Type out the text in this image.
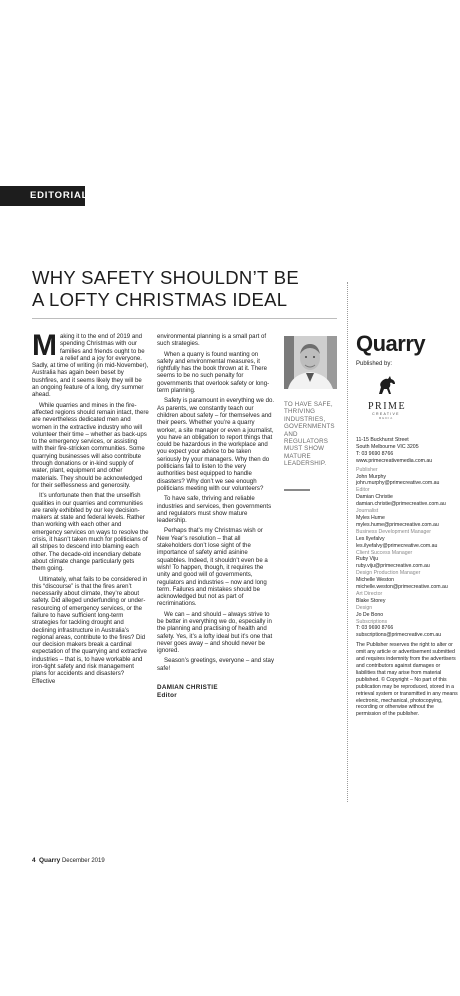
EDITORIAL
WHY SAFETY SHOULDN’T BE
A LOFTY CHRISTMAS IDEAL

Making it to the end of 2019 and spending Christmas with our families and friends ought to be a relief and a joy for everyone. Sadly, at time of writing (in mid-November), Australia has again been beset by bushfires, and it seems likely they will be an ongoing feature of a long, dry summer ahead.

While quarries and mines in the fire-affected regions should remain intact, there are nevertheless dedicated men and women in the extractive industry who will volunteer their time – whether as back-ups to the emergency services, or assisting with their fire-stricken communities. Some quarrying businesses will also contribute through donations or in-kind supply of water, plant, equipment and other materials. They should be acknowledged for their selflessness and generosity.

It’s unfortunate then that the unselfish qualities in our quarries and communities are rarely exhibited by our key decision-makers at state and federal levels. Rather than working with each other and emergency services on ways to resolve the crisis, it hasn’t taken much for politicians of all stripes to descend into blaming each other. The decade-old incendiary debate about climate change particularly gets them going.

Ultimately, what fails to be considered in this “discourse” is that the fires aren’t necessarily about climate, they’re about safety. Did alleged underfunding or under-resourcing of emergency services, or the failure to have sufficient long-term strategies for tackling drought and declining infrastructure in Australia’s regional areas, contribute to the fires? Did our decision makers break a cardinal expectation of the quarrying and extractive industries – that is, to have workable and iron-tight safety and risk management plans for accidents and disasters? Effective

environmental planning is a small part of such strategies.

When a quarry is found wanting on safety and environmental measures, it rightfully has the book thrown at it. There seems to be no such penalty for governments that overlook safety or long-term planning.

Safety is paramount in everything we do. As parents, we constantly teach our children about safety – for themselves and their peers. Whether you’re a quarry worker, a site manager or even a journalist, you have an obligation to report things that could be hazardous in the workplace and you expect your advice to be taken seriously by your managers. Why then do politicians fail to listen to the very authorities best equipped to handle disasters? Why don’t we see enough politicians meeting with our volunteers?

To have safe, thriving and reliable industries and services, then governments and regulators must show mature leadership.

Perhaps that’s my Christmas wish or New Year’s resolution – that all stakeholders don’t lose sight of the importance of safety amid asinine squabbles. Indeed, it shouldn’t even be a wish! To happen, though, it requires the unity and good will of governments, regulators and industries – now and long term. Failures and mistakes should be acknowledged but not as part of recriminations.

We can – and should – always strive to be better in everything we do, especially in the planning and practising of health and safety. Yes, it’s a lofty ideal but it’s one that never goes away – and should never be ignored.

Season’s greetings, everyone – and stay safe!

DAMIAN CHRISTIE
Editor
TO HAVE SAFE, THRIVING INDUSTRIES, GOVERNMENTS AND REGULATORS MUST SHOW MATURE LEADERSHIP.
Quarry
Published by:
PRIME
CREATIVE
MEDIA
11-15 Buckhurst Street
South Melbourne VIC 3205
T: 03 9690 8766
www.primecreativemedia.com.au
Publisher
John Murphy
john.murphy@primecreative.com.au
Editor
Damian Christie
damian.christie@primecreative.com.au
Journalist
Myles Hume
myles.hume@primecreative.com.au
Business Development Manager
Les Ilyefalvy
les.ilyefalvy@primecreative.com.au
Client Success Manager
Ruby Viju
ruby.viju@primecreative.com.au
Design Production Manager
Michelle Weston
michelle.weston@primecreative.com.au
Art Director
Blake Storey
Design
Jo De Bono
Subscriptions
T: 03 9690 8766
subscriptions@primecreative.com.au
The Publisher reserves the right to alter or omit any article or advertisement submitted and requires indemnity from the advertisers and contributors against damages or liabilities that may arise from material published. © Copyright – No part of this publication may be reproduced, stored in a retrieval system or transmitted in any means electronic, mechanical, photocopying, recording or otherwise without the permission of the publisher.
4 Quarry December 2019
